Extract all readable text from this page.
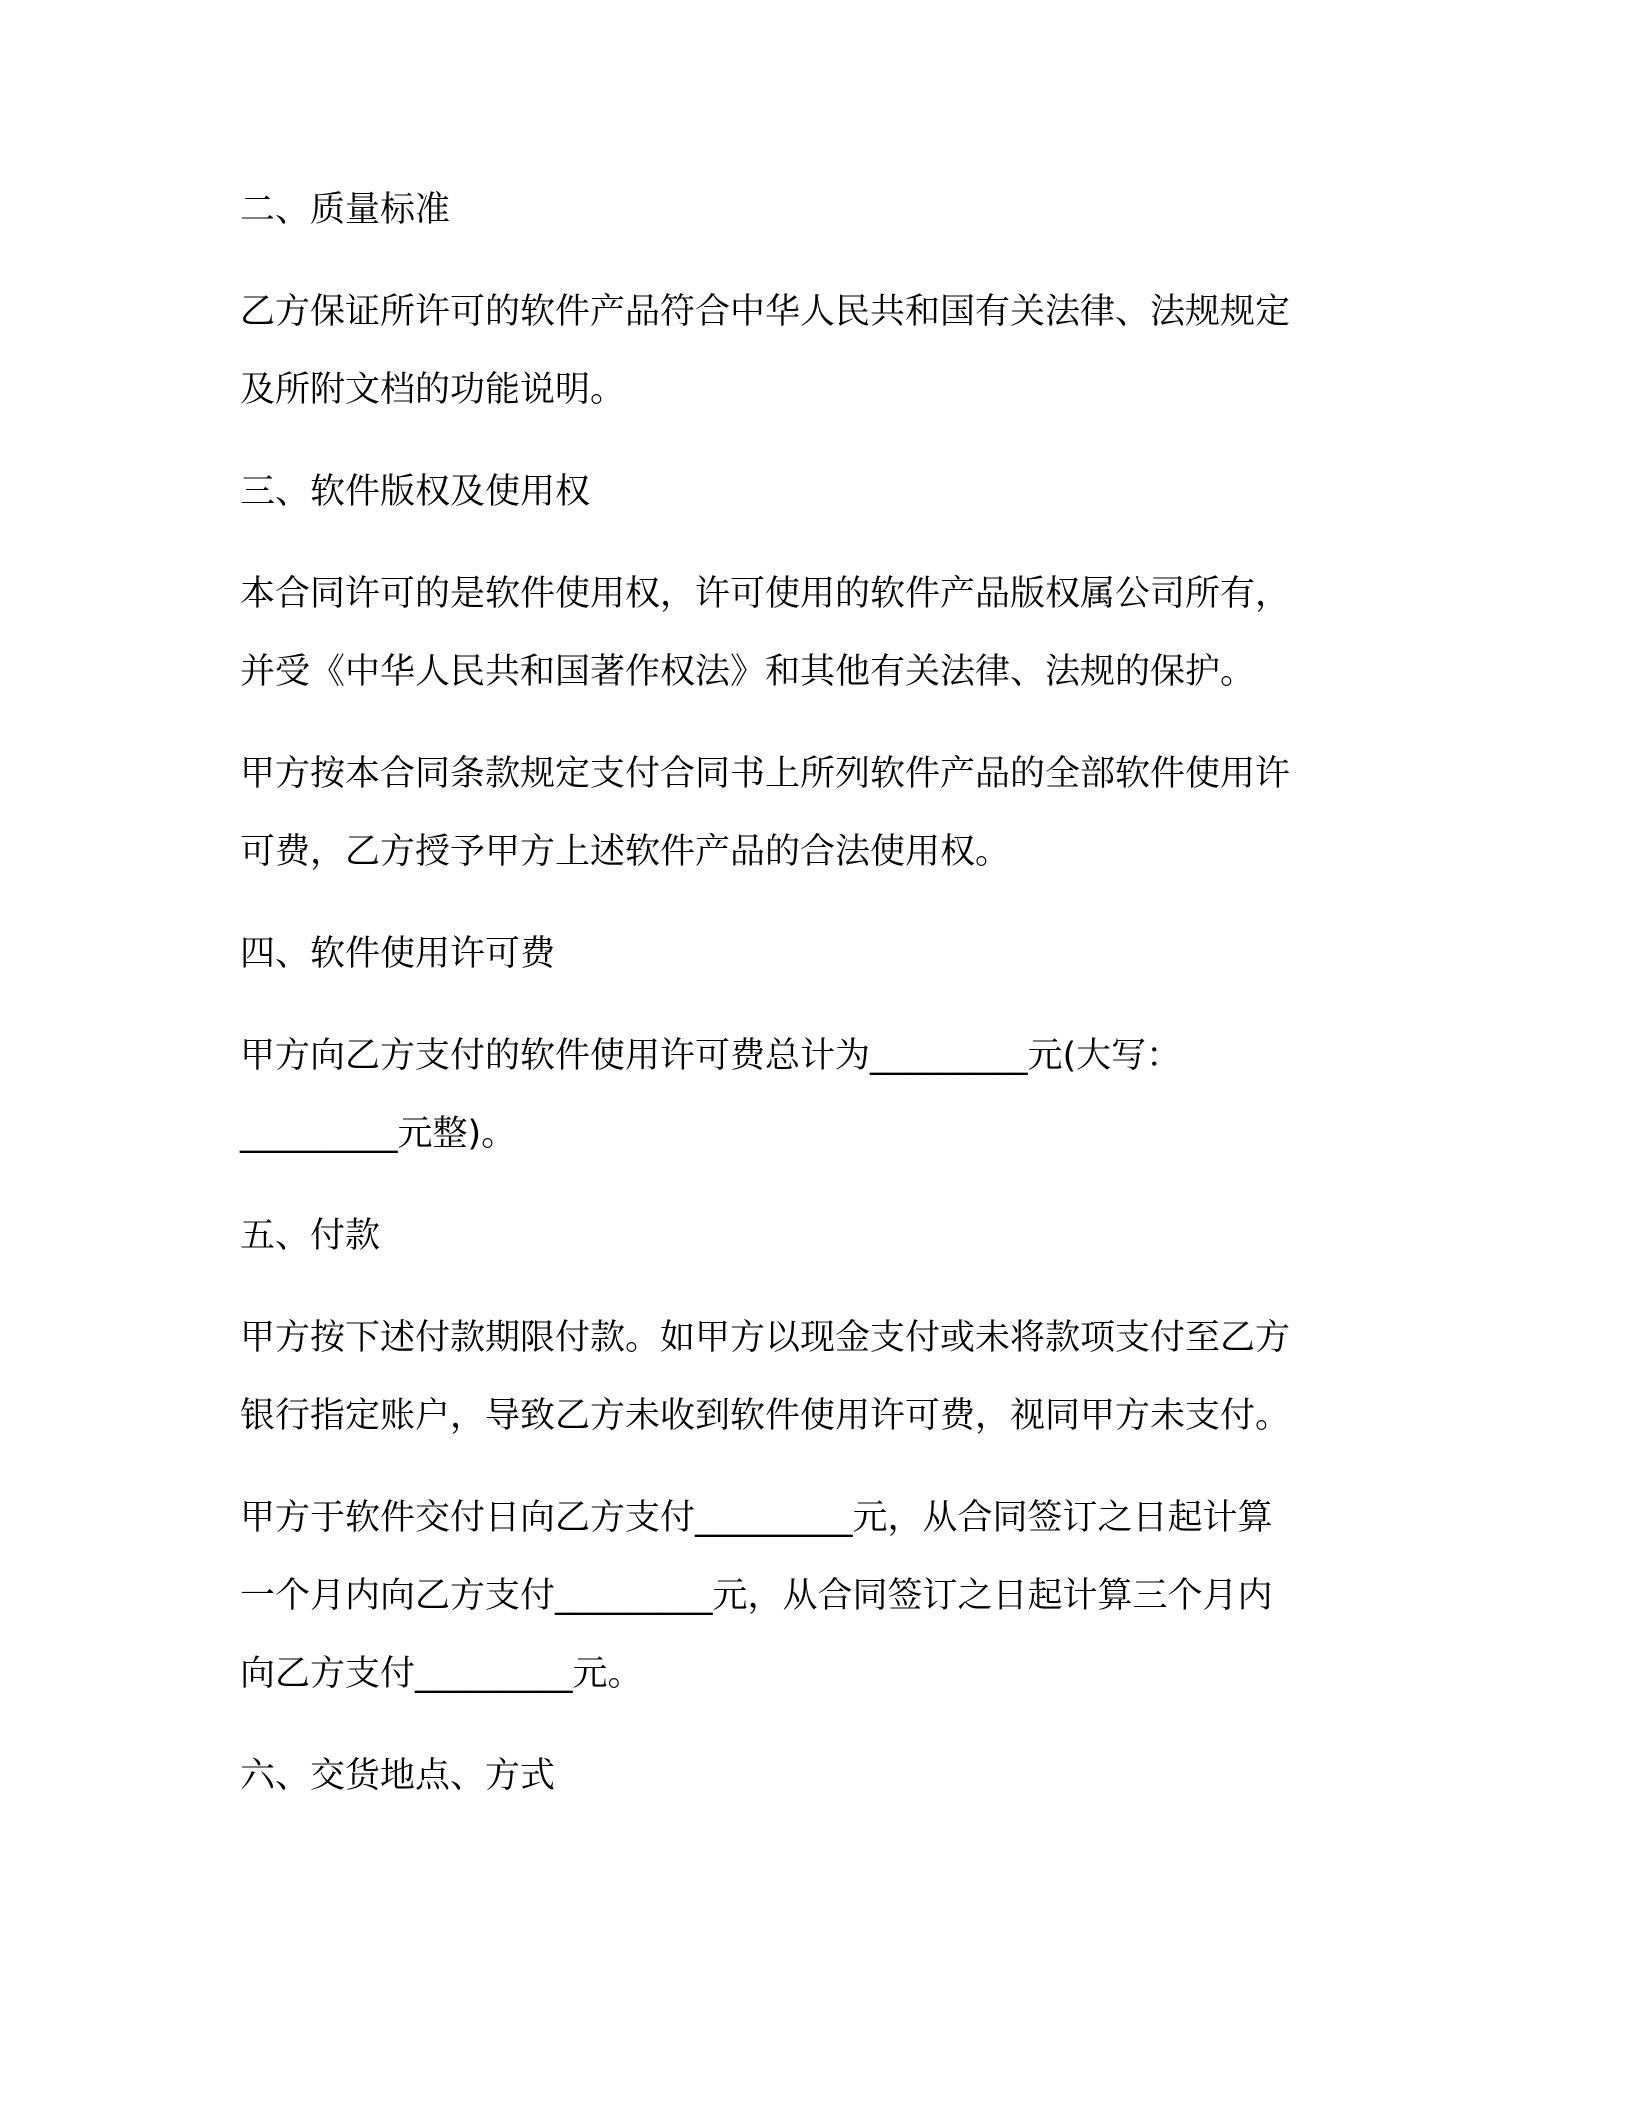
二、质量标准
乙方保证所许可的软件产品符合中华人民共和国有关法律、法规规定
及所附文档的功能说明。
三、软件版权及使用权
本合同许可的是软件使用权，许可使用的软件产品版权属公司所有，
并受《中华人民共和国著作权法》和其他有关法律、法规的保护。
甲方按本合同条款规定支付合同书上所列软件产品的全部软件使用许
可费，乙方授予甲方上述软件产品的合法使用权。
四、软件使用许可费
甲方向乙方支付的软件使用许可费总计为_________元(大写：
_________元整)。
五、付款
甲方按下述付款期限付款。如甲方以现金支付或未将款项支付至乙方
银行指定账户，导致乙方未收到软件使用许可费，视同甲方未支付。
甲方于软件交付日向乙方支付_________元，从合同签订之日起计算
一个月内向乙方支付_________元，从合同签订之日起计算三个月内
向乙方支付_________元。
六、交货地点、方式
